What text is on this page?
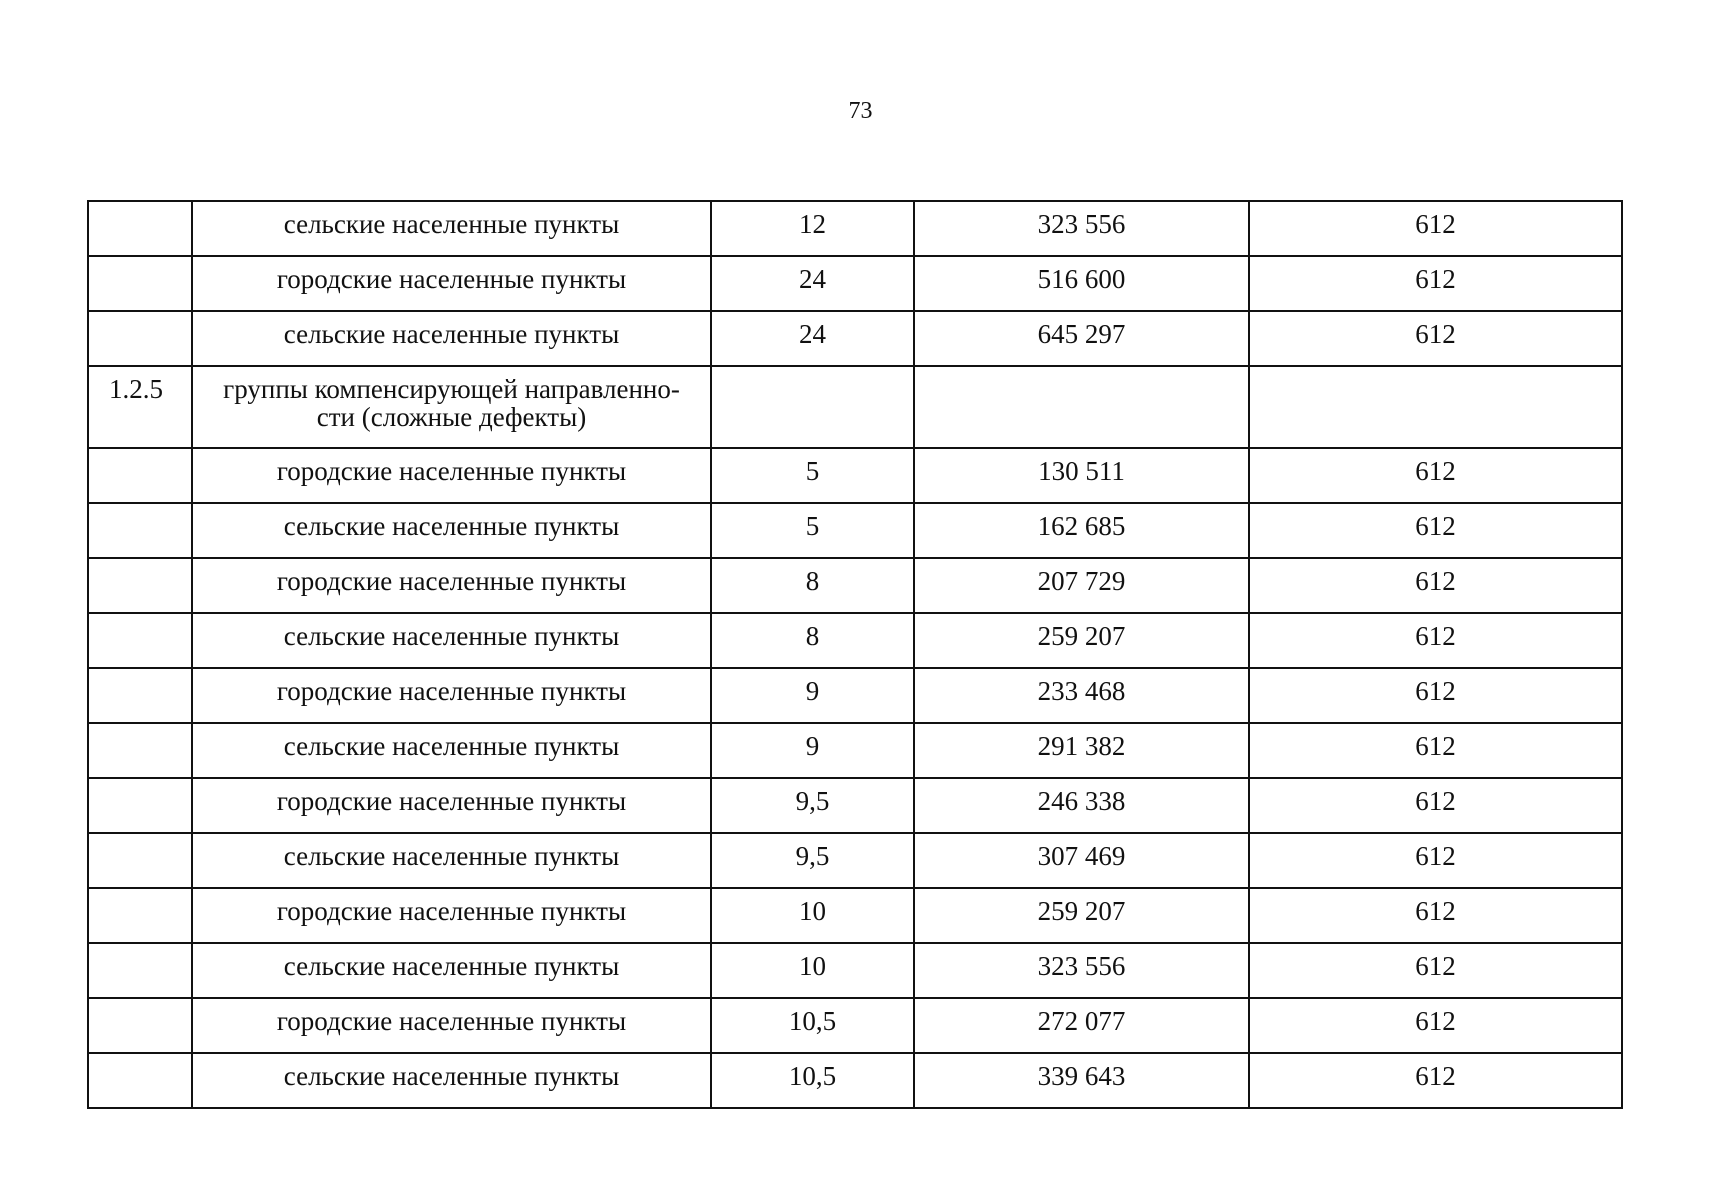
73
	сельские населенные пункты	12	323 556	612
	городские населенные пункты	24	516 600	612
	сельские населенные пункты	24	645 297	612
1.2.5	группы компенсирующей направленно-
сти (сложные дефекты)			
	городские населенные пункты	5	130 511	612
	сельские населенные пункты	5	162 685	612
	городские населенные пункты	8	207 729	612
	сельские населенные пункты	8	259 207	612
	городские населенные пункты	9	233 468	612
	сельские населенные пункты	9	291 382	612
	городские населенные пункты	9,5	246 338	612
	сельские населенные пункты	9,5	307 469	612
	городские населенные пункты	10	259 207	612
	сельские населенные пункты	10	323 556	612
	городские населенные пункты	10,5	272 077	612
	сельские населенные пункты	10,5	339 643	612
